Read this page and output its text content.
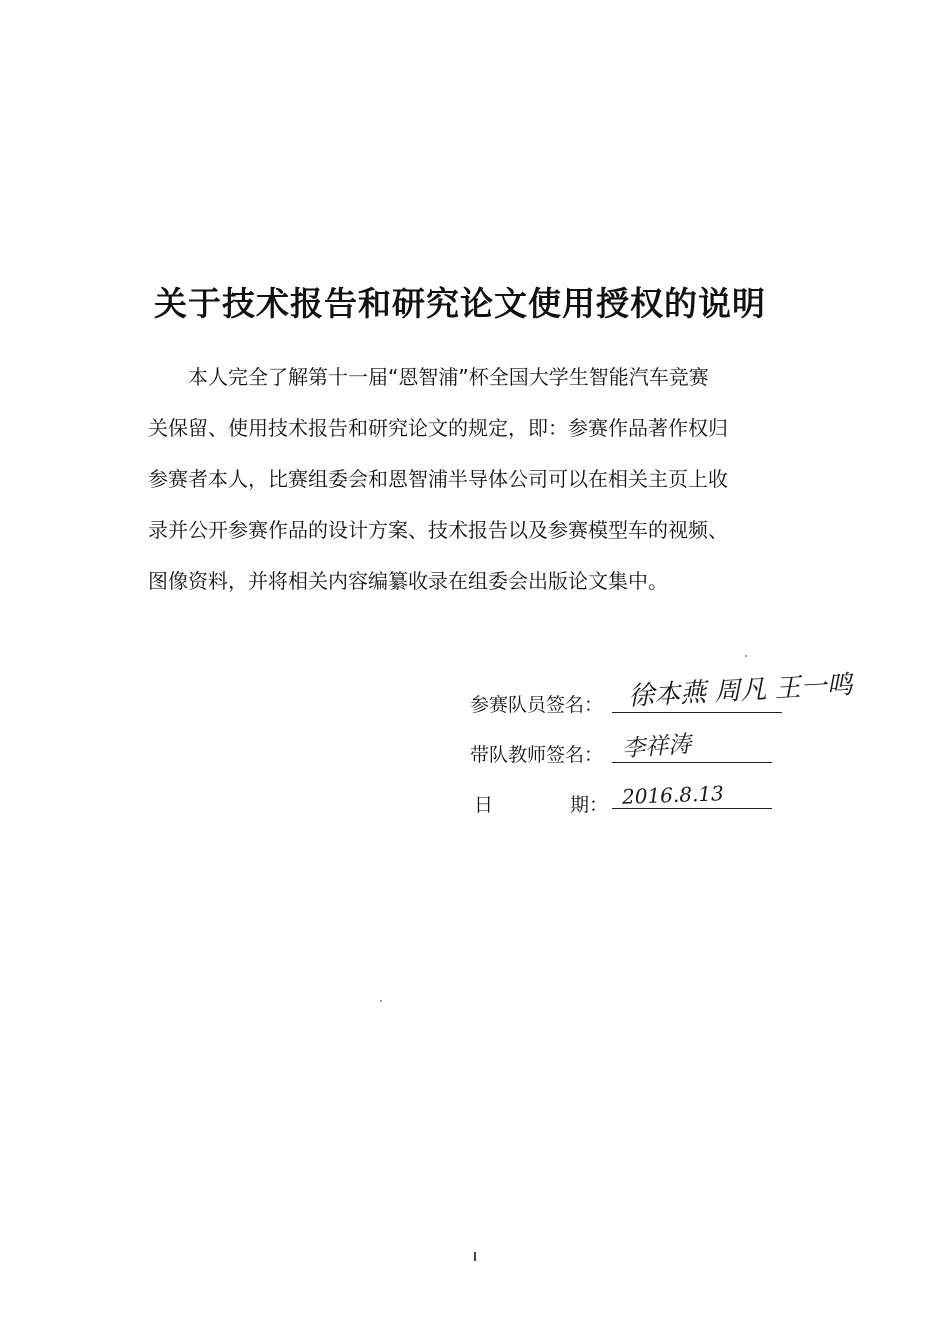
关于技术报告和研究论文使用授权的说明
本人完全了解第十一届“恩智浦”杯全国大学生智能汽车竞赛
关保留、使用技术报告和研究论文的规定，即：参赛作品著作权归
参赛者本人，比赛组委会和恩智浦半导体公司可以在相关主页上收
录并公开参赛作品的设计方案、技术报告以及参赛模型车的视频、
图像资料，并将相关内容编纂收录在组委会出版论文集中。
参赛队员签名： 徐本燕 周凡 王一鸣
带队教师签名： 李祥涛
日	期： 2016.8.13
